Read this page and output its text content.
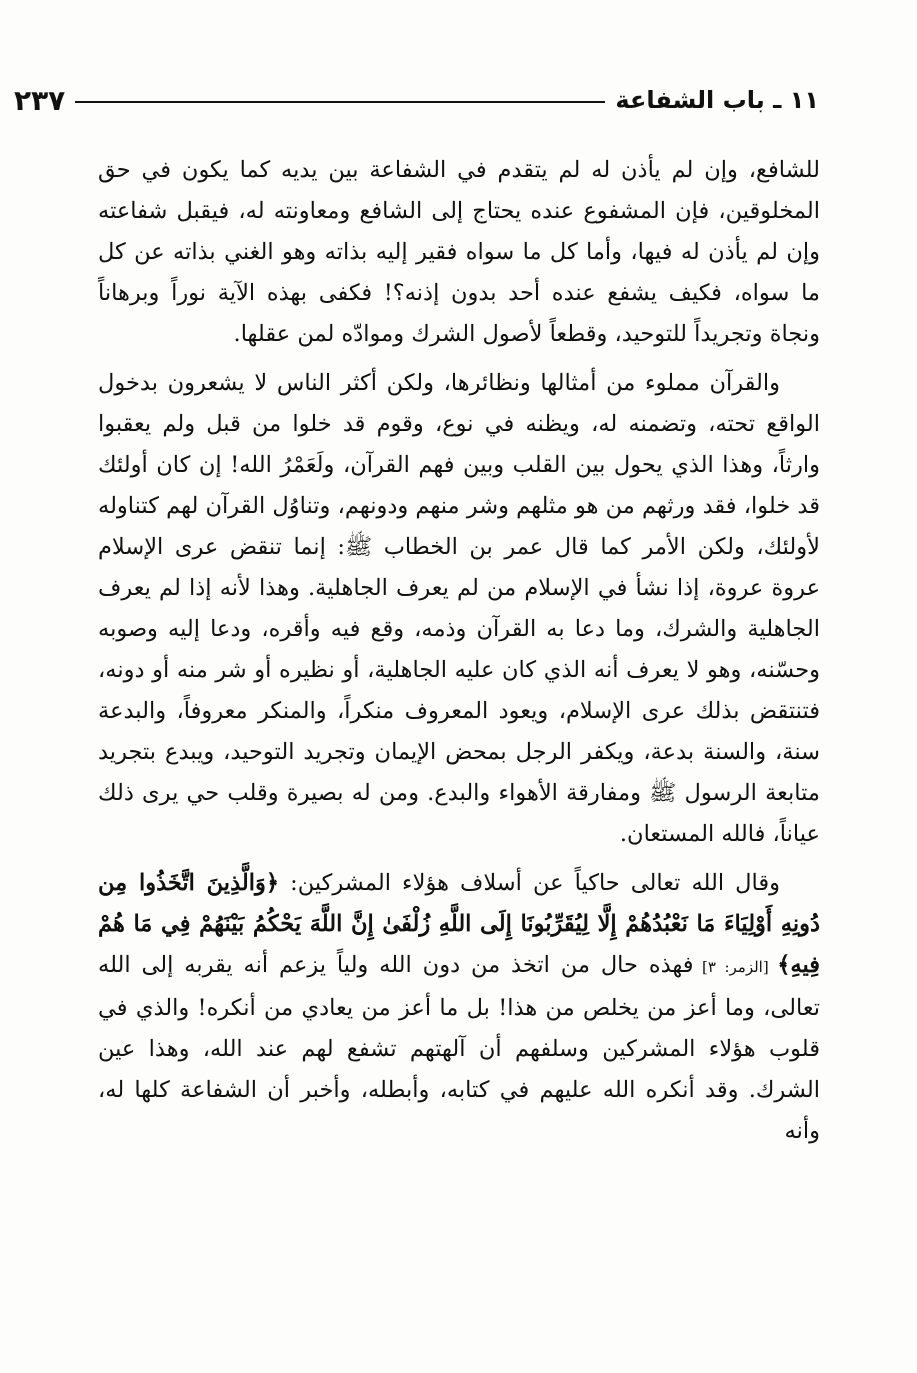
١١ ـ باب الشفاعة
٢٣٧

للشافع، وإن لم يأذن له لم يتقدم في الشفاعة بين يديه كما يكون في حق المخلوقين، فإن المشفوع عنده يحتاج إلى الشافع ومعاونته له، فيقبل شفاعته وإن لم يأذن له فيها، وأما كل ما سواه فقير إليه بذاته وهو الغني بذاته عن كل ما سواه، فكيف يشفع عنده أحد بدون إذنه؟! فكفى بهذه الآية نوراً وبرهاناً ونجاة وتجريداً للتوحيد، وقطعاً لأصول الشرك وموادّه لمن عقلها.

والقرآن مملوء من أمثالها ونظائرها، ولكن أكثر الناس لا يشعرون بدخول الواقع تحته، وتضمنه له، ويظنه في نوع، وقوم قد خلوا من قبل ولم يعقبوا وارثاً، وهذا الذي يحول بين القلب وبين فهم القرآن، ولَعَمْرُ الله! إن كان أولئك قد خلوا، فقد ورثهم من هو مثلهم وشر منهم ودونهم، وتناوُل القرآن لهم كتناوله لأولئك، ولكن الأمر كما قال عمر بن الخطاب ﷺ: إنما تنقض عرى الإسلام عروة عروة، إذا نشأ في الإسلام من لم يعرف الجاهلية. وهذا لأنه إذا لم يعرف الجاهلية والشرك، وما دعا به القرآن وذمه، وقع فيه وأقره، ودعا إليه وصوبه وحسّنه، وهو لا يعرف أنه الذي كان عليه الجاهلية، أو نظيره أو شر منه أو دونه، فتنتقض بذلك عرى الإسلام، ويعود المعروف منكراً، والمنكر معروفاً، والبدعة سنة، والسنة بدعة، ويكفر الرجل بمحض الإيمان وتجريد التوحيد، ويبدع بتجريد متابعة الرسول ﷺ ومفارقة الأهواء والبدع. ومن له بصيرة وقلب حي يرى ذلك عياناً، فالله المستعان.

وقال الله تعالى حاكياً عن أسلاف هؤلاء المشركين: ﴿وَالَّذِينَ اتَّخَذُوا مِن دُونِهِ أَوْلِيَاءَ مَا نَعْبُدُهُمْ إِلَّا لِيُقَرِّبُونَا إِلَى اللَّهِ زُلْفَىٰ إِنَّ اللَّهَ يَحْكُمُ بَيْنَهُمْ فِي مَا هُمْ فِيهِ﴾ [الزمر: ٣] فهذه حال من اتخذ من دون الله ولياً يزعم أنه يقربه إلى الله تعالى، وما أعز من يخلص من هذا! بل ما أعز من يعادي من أنكره! والذي في قلوب هؤلاء المشركين وسلفهم أن آلهتهم تشفع لهم عند الله، وهذا عين الشرك. وقد أنكره الله عليهم في كتابه، وأبطله، وأخبر أن الشفاعة كلها له، وأنه
